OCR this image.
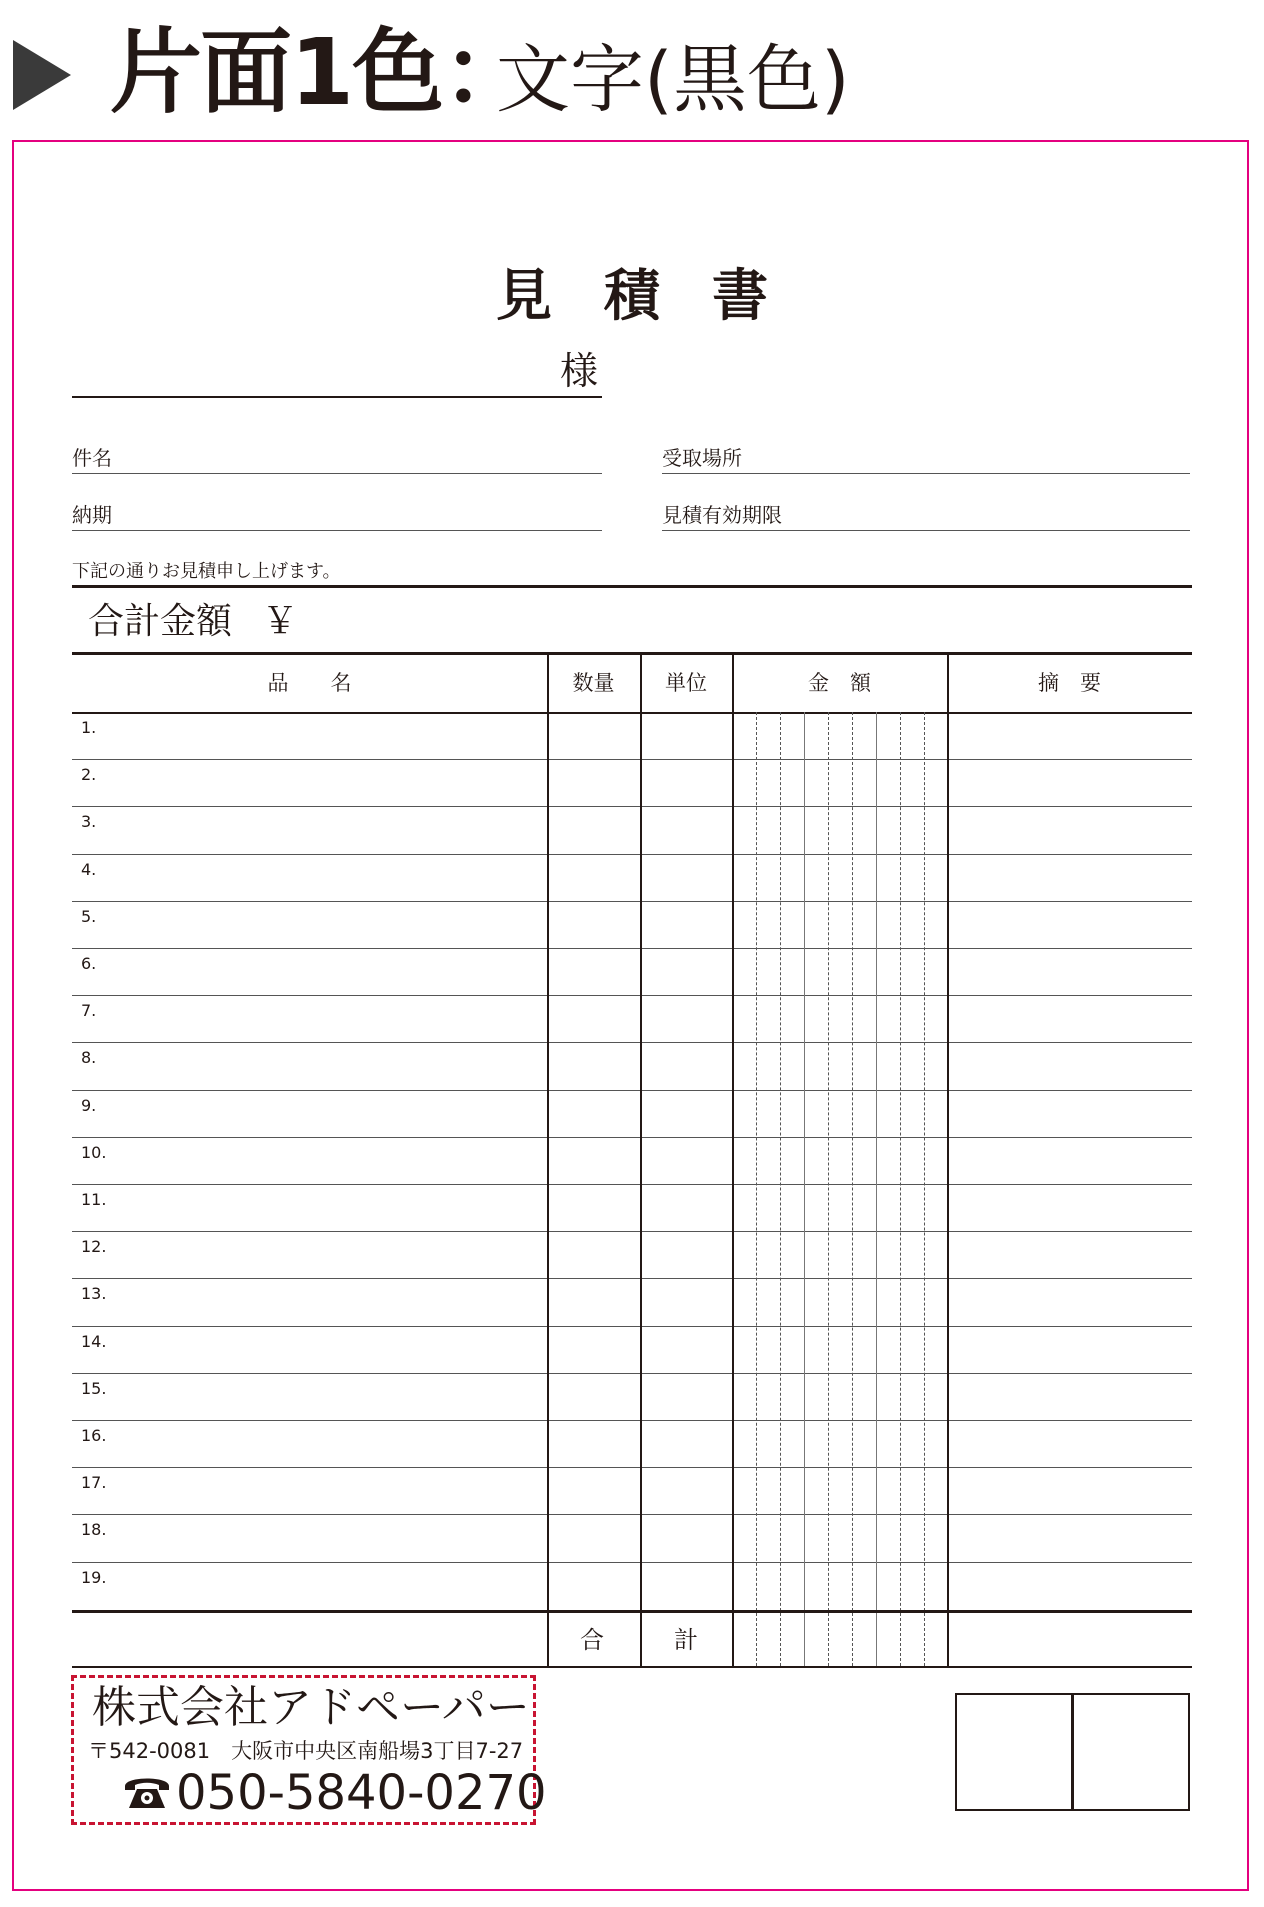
片面1色：
文字(黒色)
見積書
様
件名	受取場所
納期	見積有効期限
下記の通りお見積申し上げます。
合計金額 ￥
品　　名	数量	単位	金　額	摘　要
1.
2.
3.
4.
5.
6.
7.
8.
9.
10.
11.
12.
13.
14.
15.
16.
17.
18.
19.
合	計
株式会社アドペーパー
〒542-0081　大阪市中央区南船場3丁目7-27
050-5840-0270
